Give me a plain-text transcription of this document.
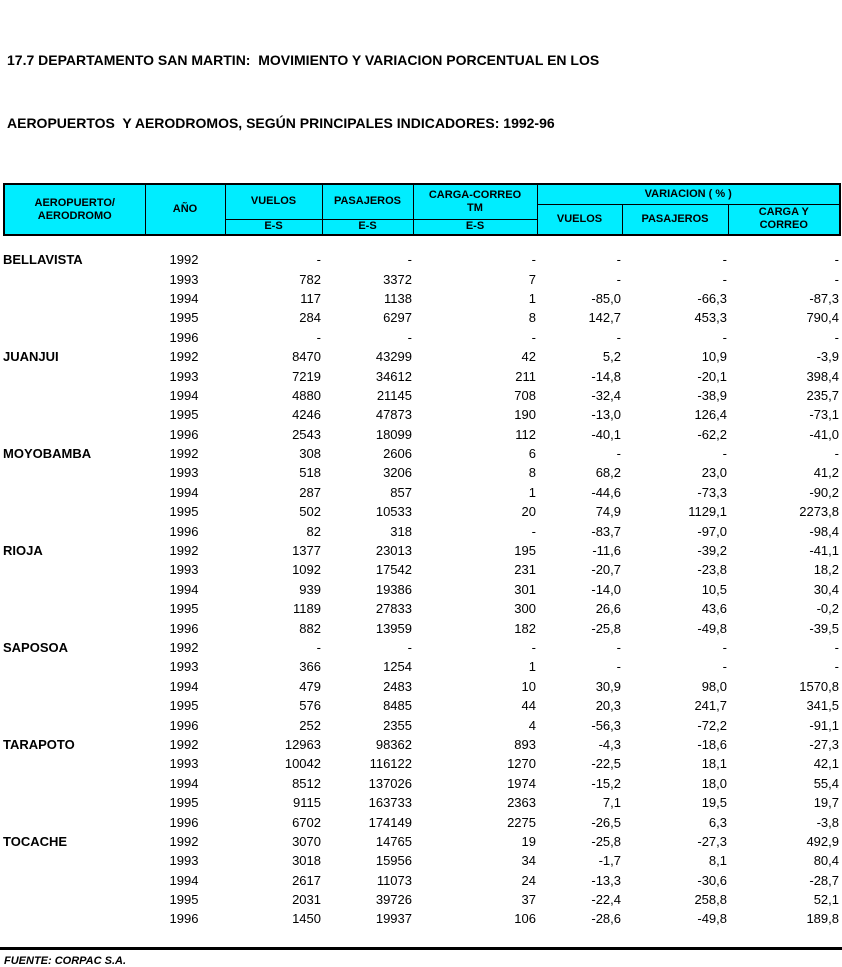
17.7 DEPARTAMENTO SAN MARTIN:  MOVIMIENTO Y VARIACION PORCENTUAL EN LOS

AEROPUERTOS  Y AERODROMOS, SEGÚN PRINCIPALES INDICADORES: 1992-96

AEROPUERTO/
AERODROMO
	AÑO	VUELOS	PASAJEROS	
CARGA-CORREO
TM
	VARIACION ( % )
					VUELOS	PASAJEROS	CARGA Y
CORREO

		E-S	E-S	E-S			
BELLAVISTA	1992	-	-	-	-	-	-
	1993	782	3372	7	-	-	-
	1994	117	1138	1	-85,0	-66,3	-87,3
	1995	284	6297	8	142,7	453,3	790,4
	1996	-	-	-	-	-	-
JUANJUI	1992	8470	43299	42	5,2	10,9	-3,9
	1993	7219	34612	211	-14,8	-20,1	398,4
	1994	4880	21145	708	-32,4	-38,9	235,7
	1995	4246	47873	190	-13,0	126,4	-73,1
	1996	2543	18099	112	-40,1	-62,2	-41,0
MOYOBAMBA	1992	308	2606	6	-	-	-
	1993	518	3206	8	68,2	23,0	41,2
	1994	287	857	1	-44,6	-73,3	-90,2
	1995	502	10533	20	74,9	1129,1	2273,8
	1996	82	318	-	-83,7	-97,0	-98,4
RIOJA	1992	1377	23013	195	-11,6	-39,2	-41,1
	1993	1092	17542	231	-20,7	-23,8	18,2
	1994	939	19386	301	-14,0	10,5	30,4
	1995	1189	27833	300	26,6	43,6	-0,2
	1996	882	13959	182	-25,8	-49,8	-39,5
SAPOSOA	1992	-	-	-	-	-	-
	1993	366	1254	1	-	-	-
	1994	479	2483	10	30,9	98,0	1570,8
	1995	576	8485	44	20,3	241,7	341,5
	1996	252	2355	4	-56,3	-72,2	-91,1
TARAPOTO	1992	12963	98362	893	-4,3	-18,6	-27,3
	1993	10042	116122	1270	-22,5	18,1	42,1
	1994	8512	137026	1974	-15,2	18,0	55,4
	1995	9115	163733	2363	7,1	19,5	19,7
	1996	6702	174149	2275	-26,5	6,3	-3,8
TOCACHE	1992	3070	14765	19	-25,8	-27,3	492,9
	1993	3018	15956	34	-1,7	8,1	80,4
	1994	2617	11073	24	-13,3	-30,6	-28,7
	1995	2031	39726	37	-22,4	258,8	52,1
	1996	1450	19937	106	-28,6	-49,8	189,8
FUENTE: CORPAC S.A.
